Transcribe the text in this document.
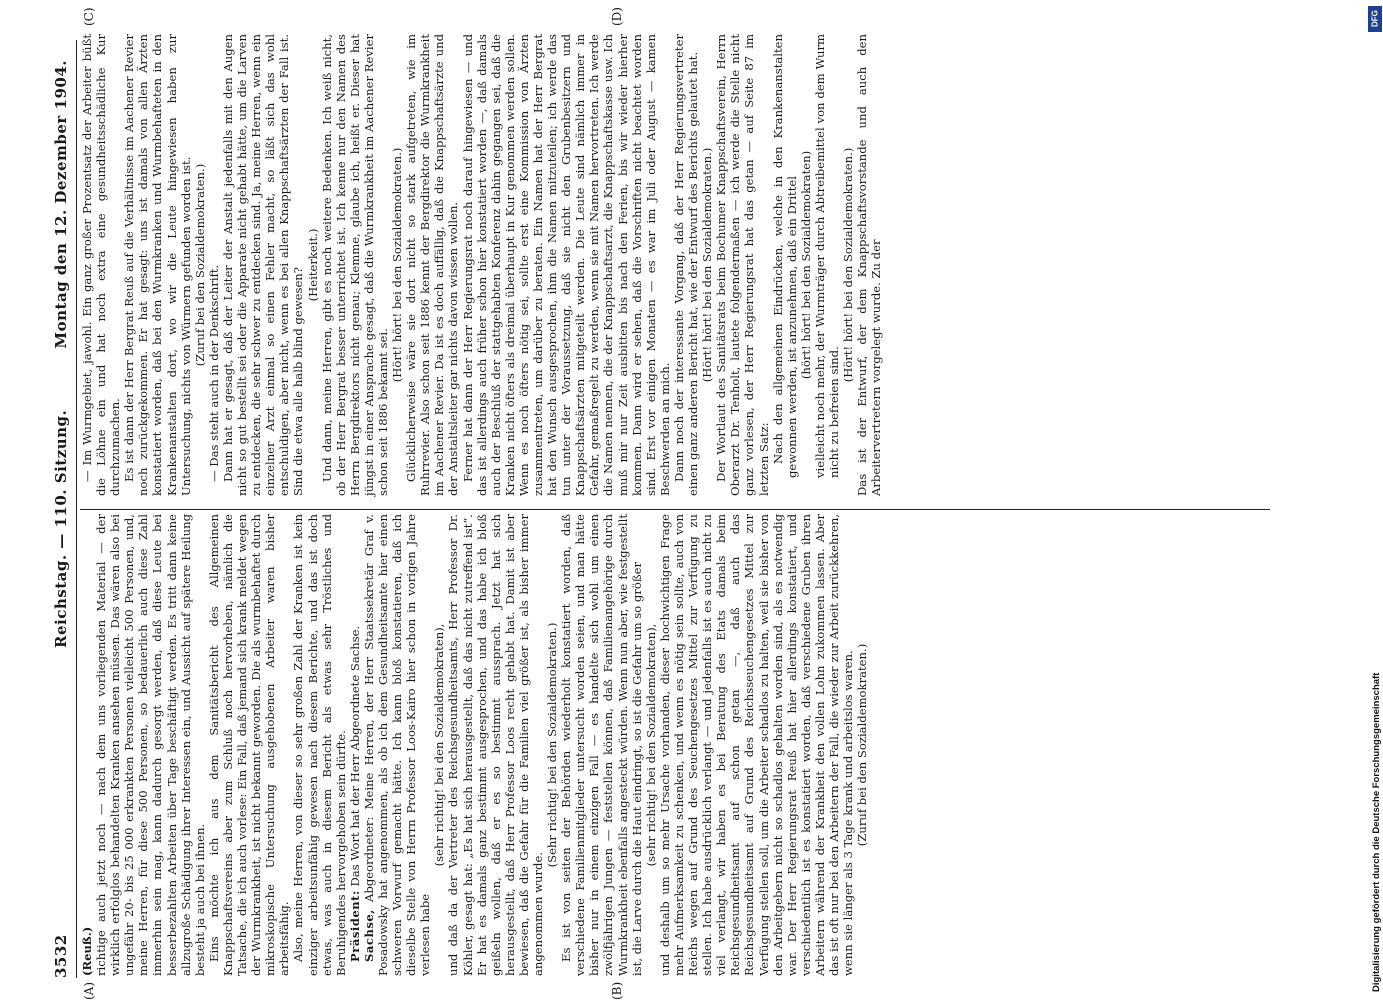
3532
Reichstag. — 110. Sitzung.
Montag den 12. Dezember 1904.
(A)	(B)
(C)	(D)

(Reuß.) richtige auch jetzt noch — nach dem uns vorliegenden Material — der wirklich erfolglos behandelten Kranken ansehen müssen. Das wären also bei ungefähr 20- bis 25 000 erkrankten Personen vielleicht 500 Personen, und, meine Herren, für diese 500 Personen, so bedauerlich auch diese Zahl immerhin sein mag, kann dadurch gesorgt werden, daß diese Leute bei besserbezahlten Arbeiten über Tage beschäftigt werden. Es tritt dann keine allzugroße Schädigung ihrer Interessen ein, und Aussicht auf spätere Heilung besteht ja auch bei ihnen. Eins möchte ich aus dem Sanitätsbericht des Allgemeinen Knappschaftsvereins aber zum Schluß noch hervorheben, nämlich die Tatsache, die ich auch vorlese: Ein Fall, daß jemand sich krank meldet wegen der Wurmkrankheit, ist nicht bekannt geworden. Die als wurmbehaftet durch mikroskopische Untersuchung ausgehobenen Arbeiter waren bisher arbeitsfähig. Also, meine Herren, von dieser so sehr großen Zahl der Kranken ist kein einziger arbeitsunfähig gewesen nach diesem Berichte, und das ist doch etwas, was auch in diesem Bericht als etwas sehr Tröstliches und Beruhigendes hervorgehoben sein dürfte. Präsident: Das Wort hat der Herr Abgeordnete Sachse.

Sachse, Abgeordneter: Meine Herren, der Herr Staatssekretär Graf v. Posadowsky hat angenommen, als ob ich dem Gesundheitsamte hier einen schweren Vorwurf gemacht hätte. Ich kann bloß konstatieren, daß ich dieselbe Stelle von Herrn Professor Loos-Kairo hier schon in vorigen Jahre verlesen habe

(sehr richtig! bei den Sozialdemokraten), und daß da der Vertreter des Reichsgesundheitsamts, Herr Professor Dr. Köhler, gesagt hat: „Es hat sich herausgestellt, daß das nicht zutreffend ist“. Er hat es damals ganz bestimmt ausgesprochen, und das habe ich bloß geißeln wollen, daß er es so bestimmt aussprach. Jetzt hat sich herausgestellt, daß Herr Professor Loos recht gehabt hat. Damit ist aber bewiesen, daß die Gefahr für die Familien viel größer ist, als bisher immer angenommen wurde.

(Sehr richtig! bei den Sozialdemokraten.) Es ist von seiten der Behörden wiederholt konstatiert worden, daß verschiedene Familienmitglieder untersucht worden seien, und man hätte bisher nur in einem einzigen Fall — es handelte sich wohl um einen zwölfjährigen Jungen — feststellen können, daß Familienangehörige durch Wurmkrankheit ebenfalls angesteckt würden. Wenn nun aber, wie festgestellt ist, die Larve durch die Haut eindringt, so ist die Gefahr um so größer (sehr richtig! bei den Sozialdemokraten), und deshalb um so mehr Ursache vorhanden, dieser hochwichtigen Frage mehr Aufmerksamkeit zu schenken, und wenn es nötig sein sollte, auch von Reichs wegen auf Grund des Seuchengesetzes Mittel zur Verfügung zu stellen. Ich habe ausdrücklich verlangt — und jedenfalls ist es auch nicht zu viel verlangt, wir haben es bei Beratung des Etats damals beim Reichsgesundheitsamt auf schon getan —, daß auch das Reichsgesundheitsamt auf Grund des Reichsseuchengesetzes Mittel zur Verfügung stellen soll, um die Arbeiter schadlos zu halten, weil sie bisher von den Arbeitgebern nicht so schadlos gehalten worden sind, als es notwendig war. Der Herr Regierungsrat Reuß hat hier allerdings konstatiert, und verschiedentlich ist es konstatiert worden, daß verschiedene Gruben ihren Arbeitern während der Krankheit den vollen Lohn zukommen lassen. Aber das ist oft nur bei den Arbeitern der Fall, die wieder zur Arbeit zurückkehren, wenn sie länger als 3 Tage krank und arbeitslos waren. (Zuruf bei den Sozialdemokraten.)

— Im Wurmgebiet, jawohl. Ein ganz großer Prozentsatz der Arbeiter büßt die Löhne ein und hat noch extra eine gesundheitsschädliche Kur durchzumachen. Es ist dann der Herr Bergrat Reuß auf die Verhältnisse im Aachener Revier noch zurückgekommen. Er hat gesagt: uns ist damals von allen Ärzten konstatiert worden, daß bei den Wurmkranken und Wurmbehafteten in den Krankenanstalten dort, wo wir die Leute hingewiesen haben zur Untersuchung, nichts von Würmern gefunden worden ist. (Zuruf bei den Sozialdemokraten.) — Das steht auch in der Denkschrift. Dann hat er gesagt, daß der Leiter der Anstalt jedenfalls mit den Augen nicht so gut bestellt sei oder die Apparate nicht gehabt hätte, um die Larven zu entdecken, die sehr schwer zu entdecken sind. Ja, meine Herren, wenn ein einzelner Arzt einmal so einen Fehler macht, so läßt sich das wohl entschuldigen, aber nicht, wenn es bei allen Knappschaftsärzten der Fall ist. Sind die etwa alle halb blind gewesen?

(Heiterkeit.) Und dann, meine Herren, gibt es noch weitere Bedenken. Ich weiß nicht, ob der Herr Bergrat besser unterrichtet ist. Ich kenne nur den Namen des Herrn Bergdirektors nicht genau; Klemme, glaube ich, heißt er. Dieser hat jüngst in einer Ansprache gesagt, daß die Wurmkrankheit im Aachener Revier schon seit 1886 bekannt sei.

(Hört! hört! bei den Sozialdemokraten.) Glücklicherweise wäre sie dort nicht so stark aufgetreten, wie im Ruhrrevier. Also schon seit 1886 kennt der Bergdirektor die Wurmkrankheit im Aachener Revier. Da ist es doch auffällig, daß die Knappschaftsärzte und der Anstaltsleiter gar nichts davon wissen wollen. Ferner hat dann der Herr Regierungsrat noch darauf hingewiesen — und das ist allerdings auch früher schon hier konstatiert worden —, daß damals auch der Beschluß der stattgehabten Konferenz dahin gegangen sei, daß die Kranken nicht öfters als dreimal überhaupt in Kur genommen werden sollen. Wenn es noch öfters nötig sei, sollte erst eine Kommission von Ärzten zusammentreten, um darüber zu beraten. Ein Namen hat der Herr Bergrat hat den Wunsch ausgesprochen, ihm die Namen mitzuteilen; ich werde das tun unter der Voraussetzung, daß sie nicht den Grubenbesitzern und Knappschaftsärzten mitgeteilt werden. Die Leute sind nämlich immer in Gefahr, gemaßregelt zu werden, wenn sie mit Namen hervortreten. Ich werde die Namen nennen, die der Knappschaftsarzt, die Knappschaftskasse usw. Ich muß mir nur Zeit ausbitten bis nach den Ferien, bis wir wieder hierher kommen. Dann wird er sehen, daß die Vorschriften nicht beachtet worden sind. Erst vor einigen Monaten — es war im Juli oder August — kamen Beschwerden an mich. Dann noch der interessante Vorgang, daß der Herr Regierungsvertreter einen ganz anderen Bericht hat, wie der Entwurf des Berichts gelautet hat. (Hört! hört! bei den Sozialdemokraten.) Der Wortlaut des Sanitätsrats beim Bochumer Knappschaftsverein, Herrn Oberarzt Dr. Tenholt, lautete folgendermaßen — ich werde die Stelle nicht ganz vorlesen, der Herr Regierungsrat hat das getan — auf Seite 87 im letzten Satz: Nach den allgemeinen Eindrücken, welche in den Krankenanstalten gewonnen werden, ist anzunehmen, daß ein Drittel (hört! hört! bei den Sozialdemokraten) vielleicht noch mehr, der Wurmträger durch Abtreibemittel von dem Wurm nicht zu befreien sind.

(Hört! hört! bei den Sozialdemokraten.) Das ist der Entwurf, der dem Knappschaftsvorstande und auch den Arbeitervertretern vorgelegt wurde. Zu der

DFG
Digitalisierung gefördert durch die Deutsche Forschungsgemeinschaft
